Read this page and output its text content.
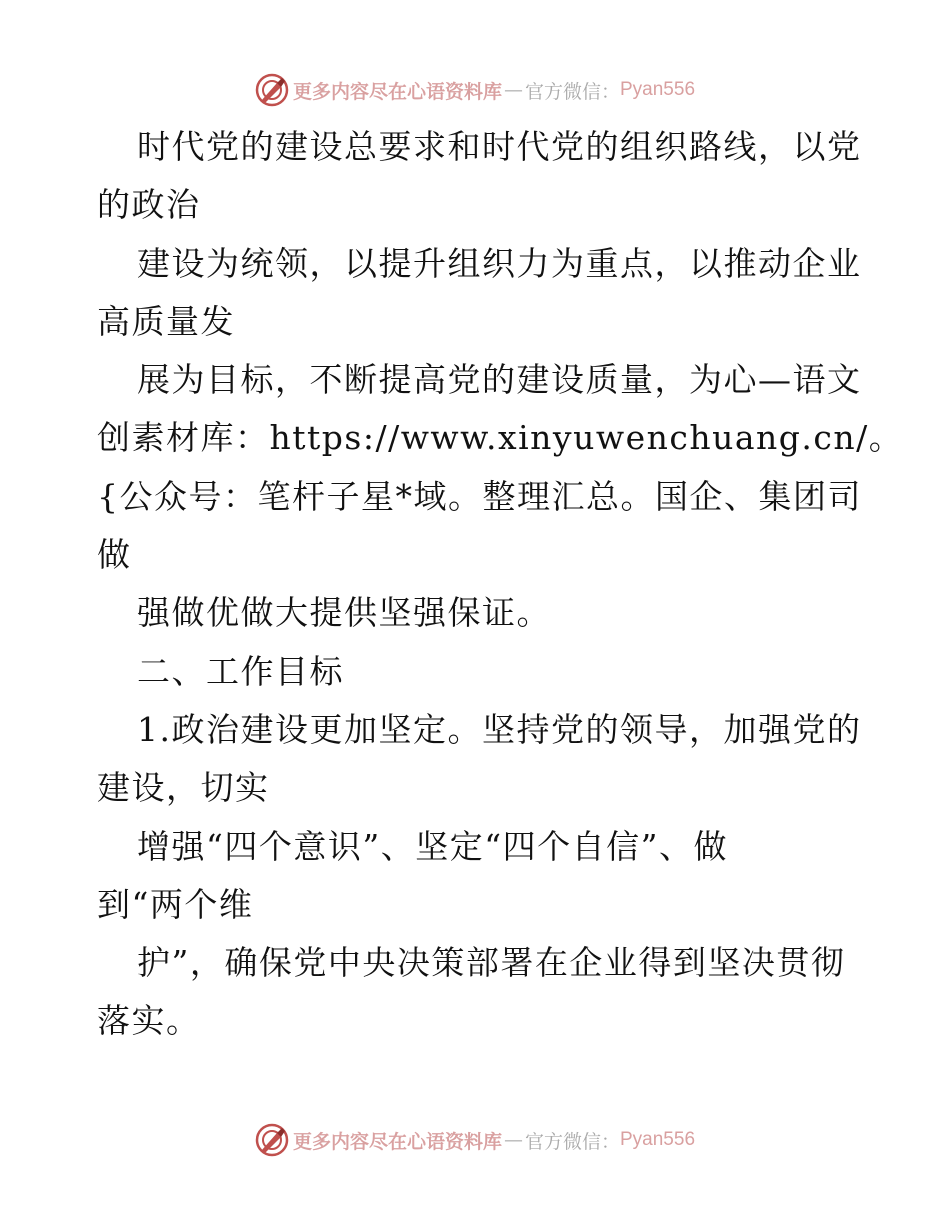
更多内容尽在心语资料库 — 官方微信： Pyan556
时代党的建设总要求和时代党的组织路线，以党
的政治
建设为统领，以提升组织力为重点，以推动企业
高质量发
展为目标，不断提高党的建设质量，为心—语文
创素材库：https://www.xinyuwenchuang.cn/。
{公众号：笔杆子星*域。整理汇总。国企、集团司
做
强做优做大提供坚强保证。
二、工作目标
1.政治建设更加坚定。坚持党的领导，加强党的
建设，切实
增强“四个意识”、坚定“四个自信”、做
到“两个维
护”，确保党中央决策部署在企业得到坚决贯彻
落实。
更多内容尽在心语资料库 — 官方微信： Pyan556
